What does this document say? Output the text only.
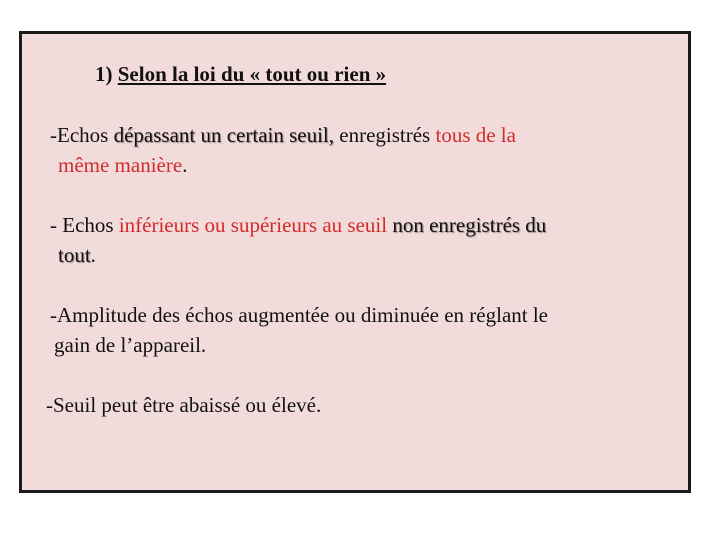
1) Selon la loi du « tout ou rien »
-Echos dépassant un certain seuil, enregistrés tous de la
même manière.
- Echos inférieurs ou supérieurs au seuil non enregistrés du
tout.
-Amplitude des échos augmentée ou diminuée en réglant le
gain de l’appareil.
-Seuil peut être abaissé ou élevé.
